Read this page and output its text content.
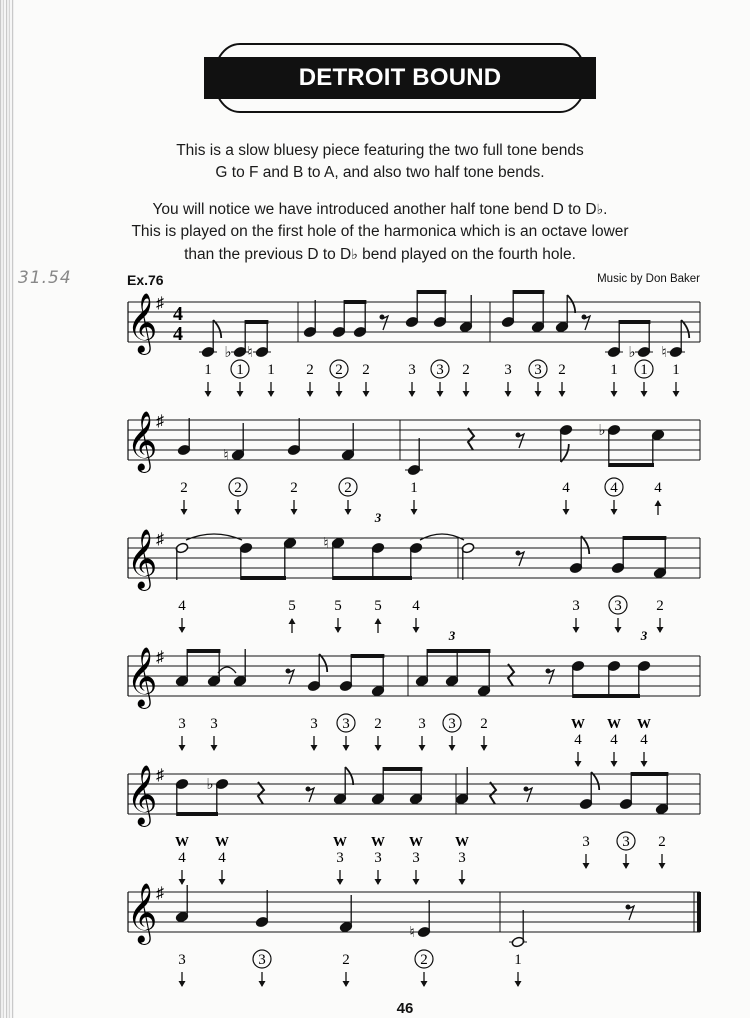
DETROIT BOUND
This is a slow bluesy piece featuring the two full tone bends
G to F and B to A, and also two half tone bends.
You will notice we have introduced another half tone bend D to D♭.
This is played on the first hole of the harmonica which is an octave lower
than the previous D to D♭ bend played on the fourth hole.
31.54	Ex.76	Music by Don Baker
𝄞
♯ 4
4
♭ ♮	♭ ♮
1 1 1 2 2 2	3 3 2 3 3 2	1 1 1
𝄞
♯
♮
♭
2	2	2	2	1	4	4 4
𝄞
♯	♮
3
4	5	5 5 4	3 3 2
𝄞
♯
3	3
3 3	3 3 2 3 3 2	W
4
W
4
W
4
𝄞
♯
♭
W
4
W
4
W
3
W
3
W
3
W
3
3 3 2
𝄞
♯
♮
3	3	2	2	1
46
